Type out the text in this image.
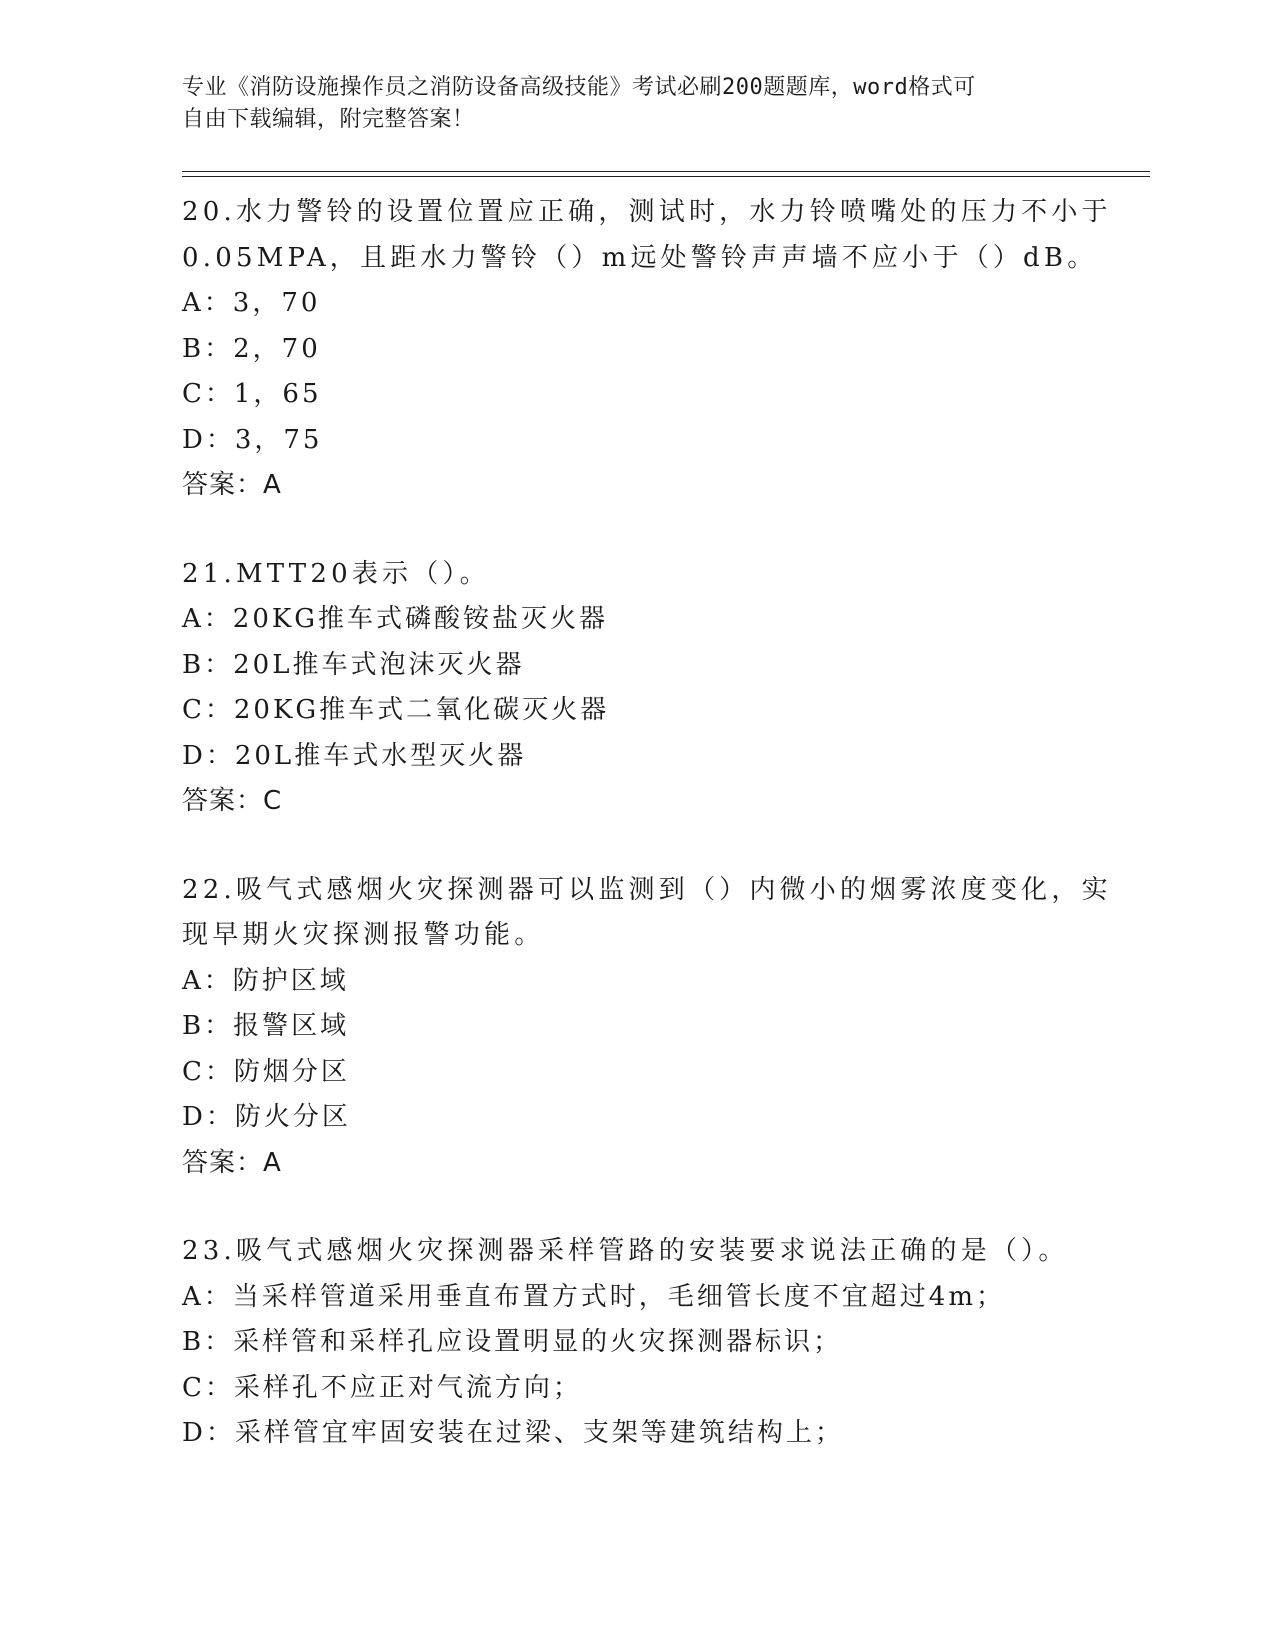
专业《消防设施操作员之消防设备高级技能》考试必刷200题题库，word格式可
自由下载编辑，附完整答案！
20.水力警铃的设置位置应正确，测试时，水力铃喷嘴处的压力不小于
0.05MPA，且距水力警铃（）m远处警铃声声墙不应小于（）dB。
A：3，70
B：2，70
C：1，65
D：3，75
答案：A
21.MTT20表示（）。
A：20KG推车式磷酸铵盐灭火器
B：20L推车式泡沫灭火器
C：20KG推车式二氧化碳灭火器
D：20L推车式水型灭火器
答案：C
22.吸气式感烟火灾探测器可以监测到（）内微小的烟雾浓度变化，实
现早期火灾探测报警功能。
A：防护区域
B：报警区域
C：防烟分区
D：防火分区
答案：A
23.吸气式感烟火灾探测器采样管路的安装要求说法正确的是（）。
A：当采样管道采用垂直布置方式时，毛细管长度不宜超过4m；
B：采样管和采样孔应设置明显的火灾探测器标识；
C：采样孔不应正对气流方向；
D：采样管宜牢固安装在过梁、支架等建筑结构上；
